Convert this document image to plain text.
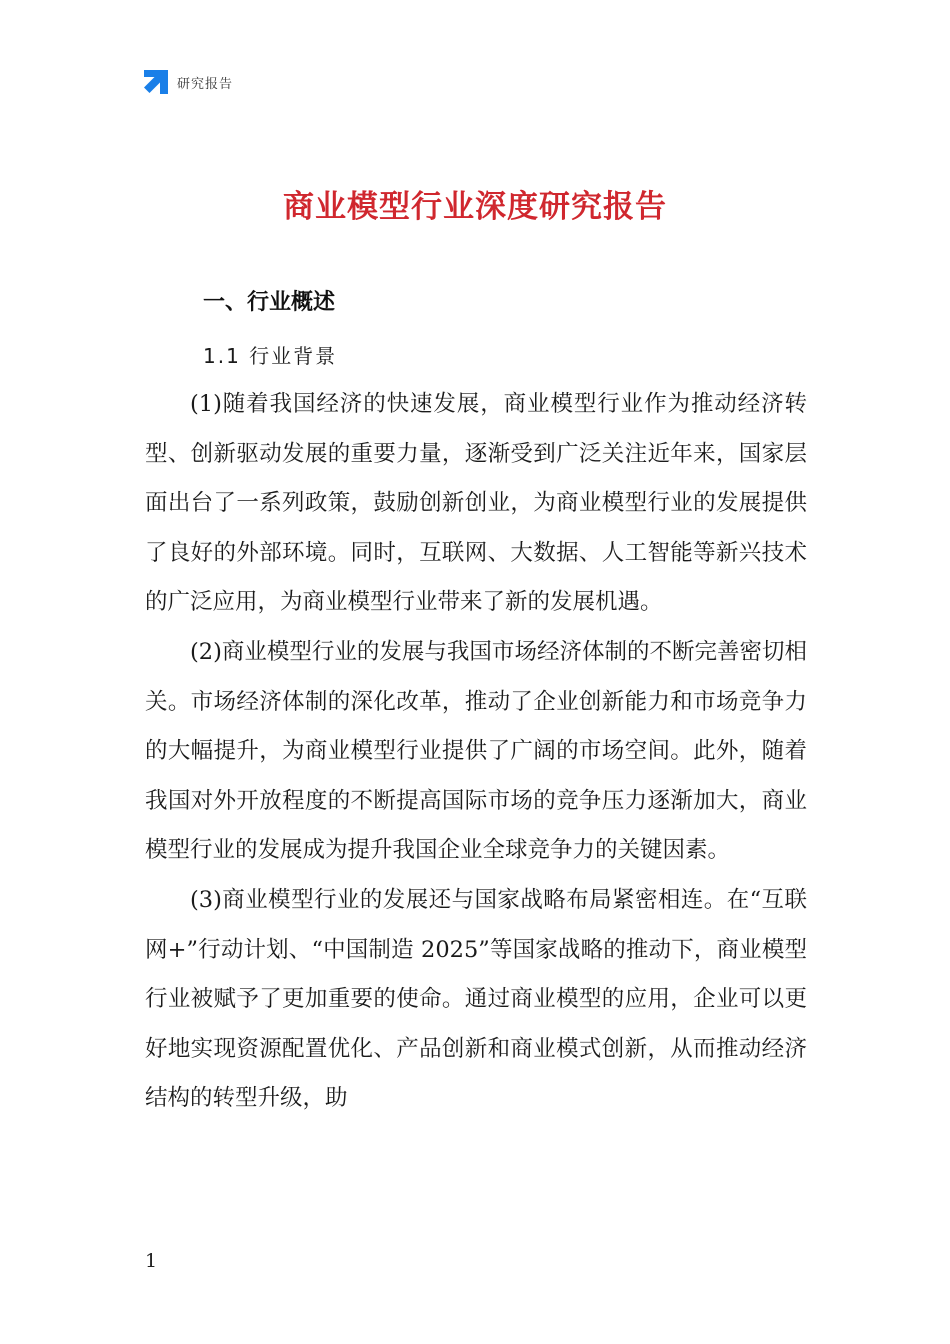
研究报告
商业模型行业深度研究报告
一、行业概述
1.1 行业背景

(1)随着我国经济的快速发展，商业模型行业作为推动经济转型、创新驱动发展的重要力量，逐渐受到广泛关注近年来，国家层面出台了一系列政策，鼓励创新创业，为商业模型行业的发展提供了良好的外部环境。同时，互联网、大数据、人工智能等新兴技术的广泛应用，为商业模型行业带来了新的发展机遇。

(2)商业模型行业的发展与我国市场经济体制的不断完善密切相关。市场经济体制的深化改革，推动了企业创新能力和市场竞争力的大幅提升，为商业模型行业提供了广阔的市场空间。此外，随着我国对外开放程度的不断提高国际市场的竞争压力逐渐加大，商业模型行业的发展成为提升我国企业全球竞争力的关键因素。

(3)商业模型行业的发展还与国家战略布局紧密相连。在“互联网+”行动计划、“中国制造 2025”等国家战略的推动下，商业模型行业被赋予了更加重要的使命。通过商业模型的应用，企业可以更好地实现资源配置优化、产品创新和商业模式创新，从而推动经济结构的转型升级，助

1
